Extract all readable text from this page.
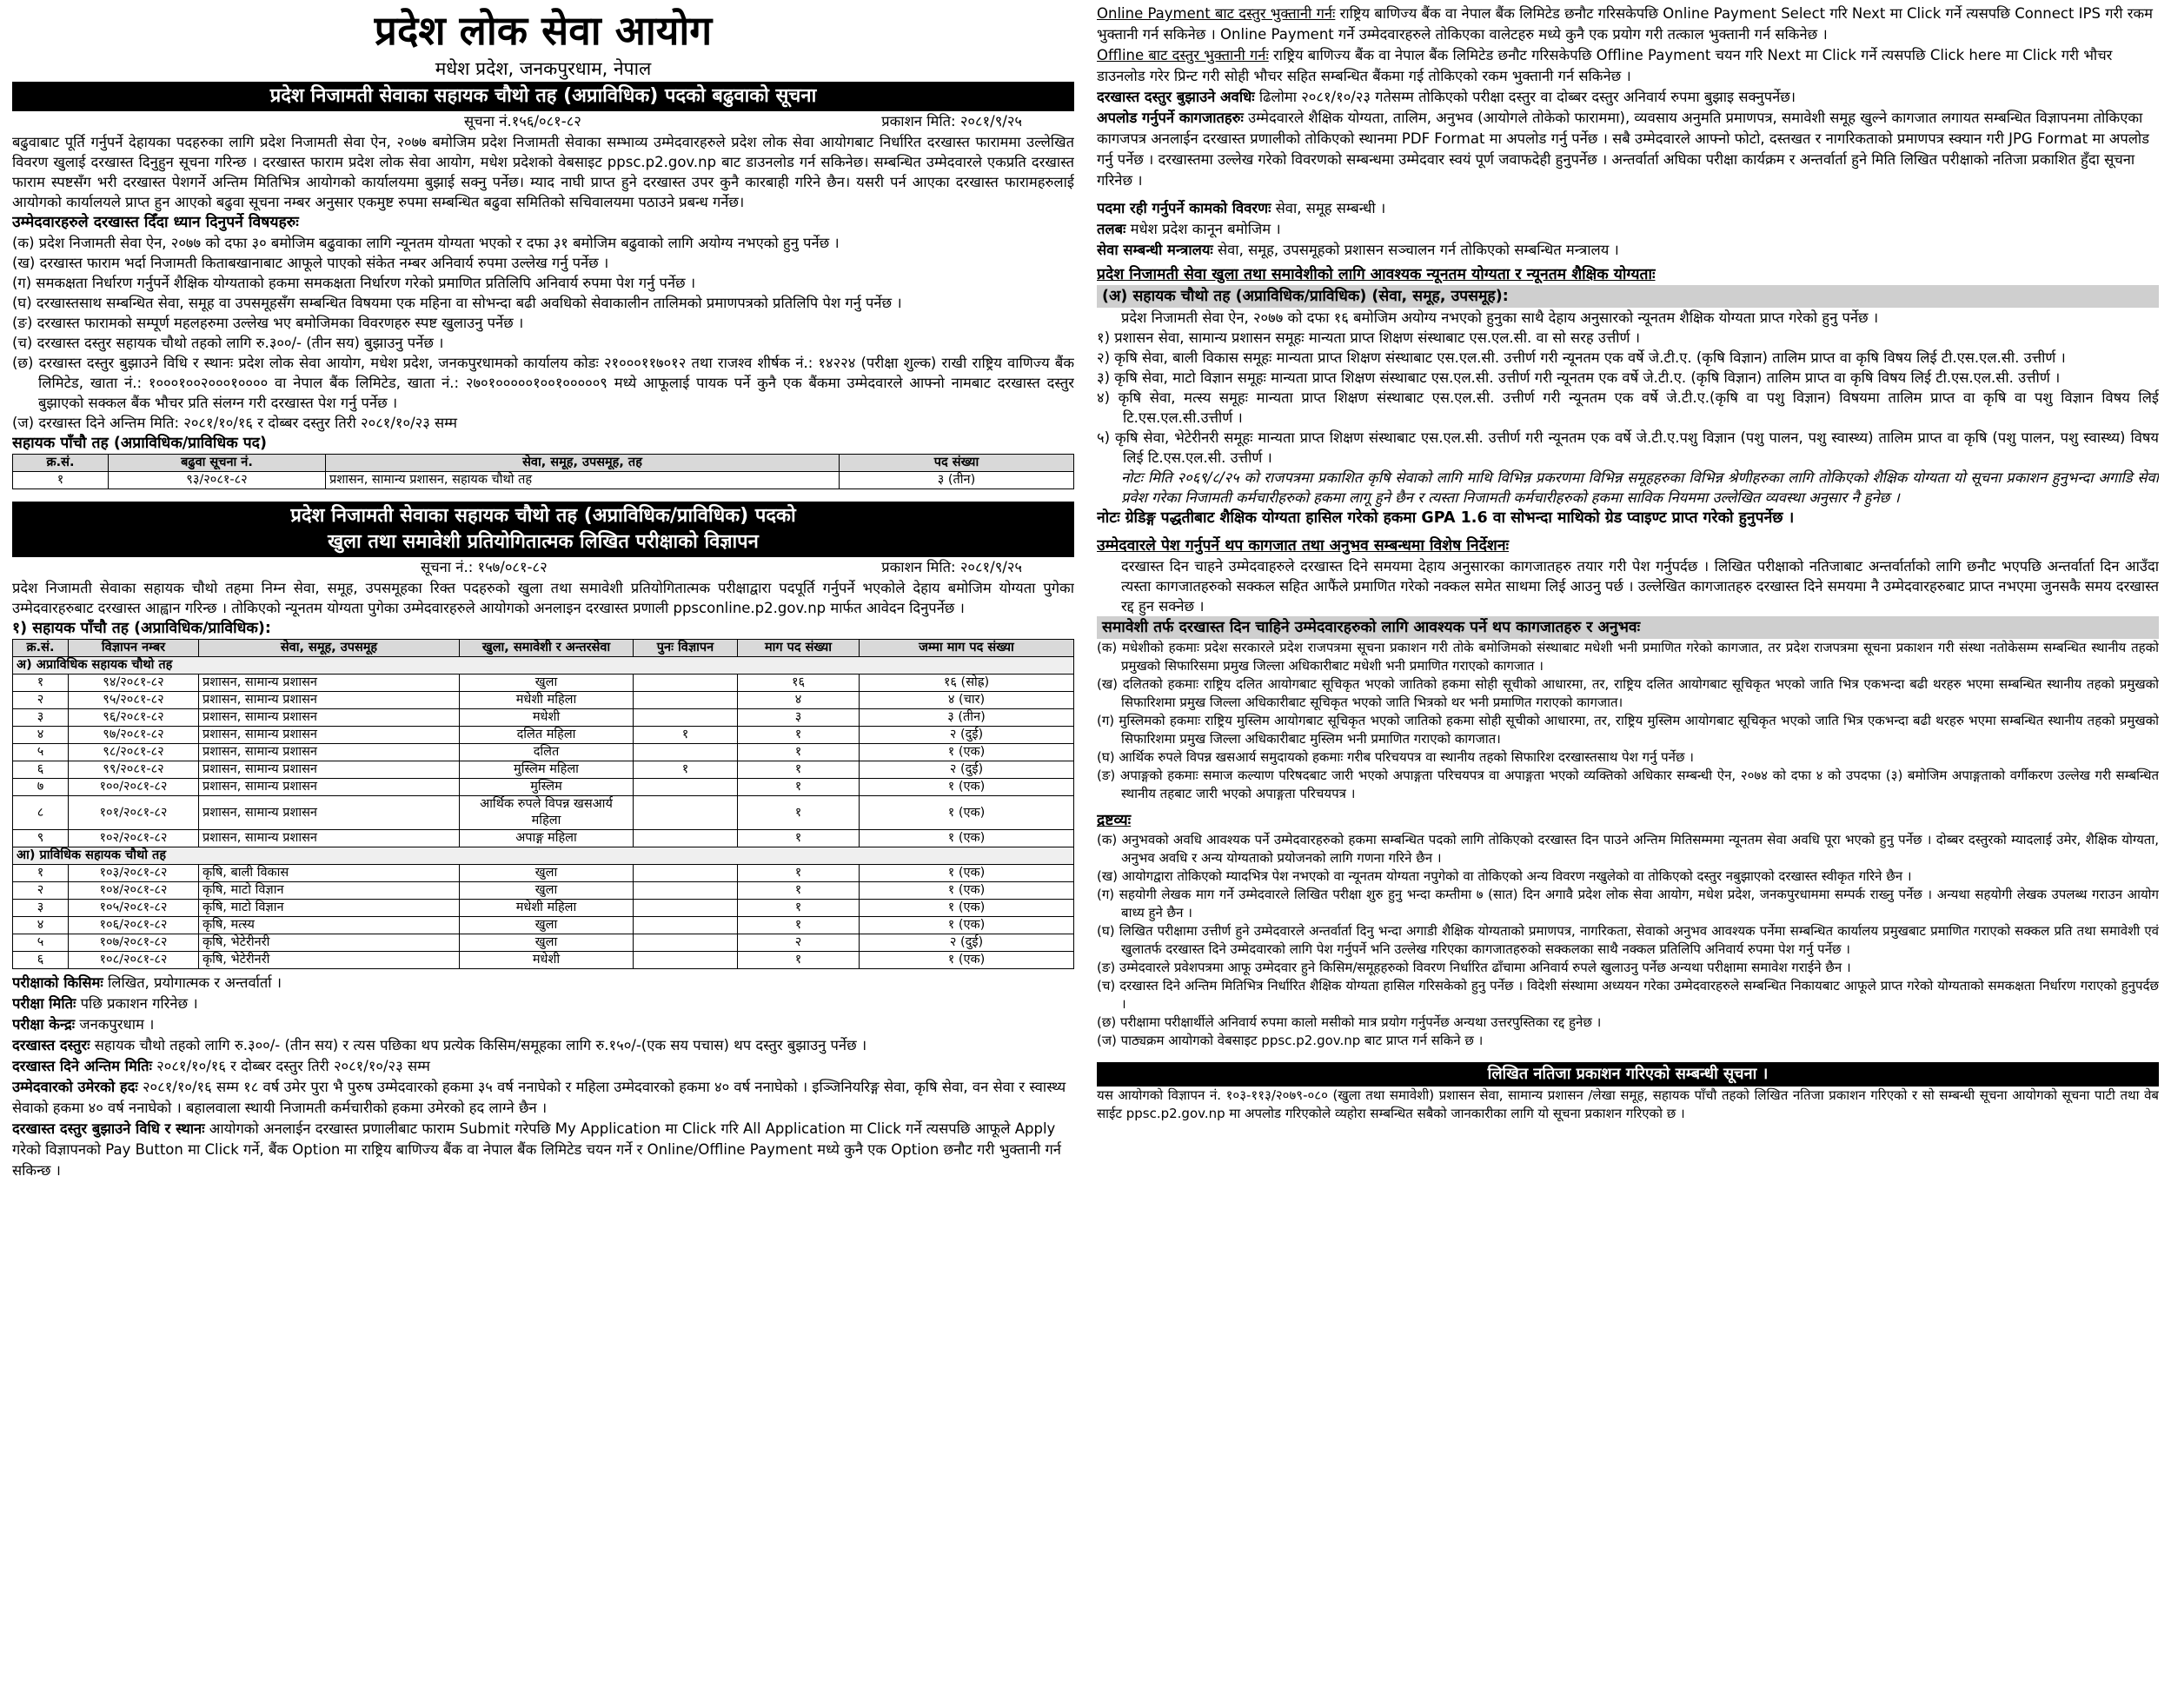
प्रदेश लोक सेवा आयोग
मधेश प्रदेश, जनकपुरधाम, नेपाल
प्रदेश निजामती सेवाका सहायक चौथो तह (अप्राविधिक) पदको बढुवाको सूचना
सूचना नं.१५६/०८१-८२	प्रकाशन मिति: २०८१/९/२५

बढुवाबाट पूर्ति गर्नुपर्ने देहायका पदहरुका लागि प्रदेश निजामती सेवा ऐन, २०७७ बमोजिम प्रदेश निजामती सेवाका सम्भाव्य उम्मेदवारहरुले प्रदेश लोक सेवा आयोगबाट निर्धारित दरखास्त फाराममा उल्लेखित विवरण खुलाई दरखास्त दिनुहुन सूचना गरिन्छ । दरखास्त फाराम प्रदेश लोक सेवा आयोग, मधेश प्रदेशको वेबसाइट ppsc.p2.gov.np बाट डाउनलोड गर्न सकिनेछ। सम्बन्धित उम्मेदवारले एकप्रति दरखास्त फाराम स्पष्टसँग भरी दरखास्त पेशगर्ने अन्तिम मितिभित्र आयोगको कार्यालयमा बुझाई सक्नु पर्नेछ। म्याद नाघी प्राप्त हुने दरखास्त उपर कुनै कारबाही गरिने छैन। यसरी पर्न आएका दरखास्त फारामहरुलाई आयोगको कार्यालयले प्राप्त हुन आएको बढुवा सूचना नम्बर अनुसार एकमुष्ट रुपमा सम्बन्धित बढुवा समितिको सचिवालयमा पठाउने प्रबन्ध गर्नेछ।

उम्मेदवारहरुले दरखास्त दिँदा ध्यान दिनुपर्ने विषयहरुः
(क) प्रदेश निजामती सेवा ऐन, २०७७ को दफा ३० बमोजिम बढुवाका लागि न्यूनतम योग्यता भएको र दफा ३१ बमोजिम बढुवाको लागि अयोग्य नभएको हुनु पर्नेछ ।
(ख) दरखास्त फाराम भर्दा निजामती किताबखानाबाट आफूले पाएको संकेत नम्बर अनिवार्य रुपमा उल्लेख गर्नु पर्नेछ ।
(ग) समकक्षता निर्धारण गर्नुपर्ने शैक्षिक योग्यताको हकमा समकक्षता निर्धारण गरेको प्रमाणित प्रतिलिपि अनिवार्य रुपमा पेश गर्नु पर्नेछ ।
(घ) दरखास्तसाथ सम्बन्धित सेवा, समूह वा उपसमूहसँग सम्बन्धित विषयमा एक महिना वा सोभन्दा बढी अवधिको सेवाकालीन तालिमको प्रमाणपत्रको प्रतिलिपि पेश गर्नु पर्नेछ ।
(ङ) दरखास्त फारामको सम्पूर्ण महलहरुमा उल्लेख भए बमोजिमका विवरणहरु स्पष्ट खुलाउनु पर्नेछ ।
(च) दरखास्त दस्तुर सहायक चौथो तहको लागि रु.३००/- (तीन सय) बुझाउनु पर्नेछ ।
(छ) दरखास्त दस्तुर बुझाउने विधि र स्थानः प्रदेश लोक सेवा आयोग, मधेश प्रदेश, जनकपुरधामको कार्यालय कोडः २१०००११७०१२ तथा राजश्व शीर्षक नं.: १४२२४ (परीक्षा शुल्क) राखी राष्ट्रिय वाणिज्य बैंक लिमिटेड, खाता नं.: १०००१००२०००१०००० वा नेपाल बैंक लिमिटेड, खाता नं.: २७०१०००००१००१०००००९ मध्ये आफूलाई पायक पर्ने कुनै एक बैंकमा उम्मेदवारले आफ्नो नामबाट दरखास्त दस्तुर बुझाएको सक्कल बैंक भौचर प्रति संलग्न गरी दरखास्त पेश गर्नु पर्नेछ ।
(ज) दरखास्त दिने अन्तिम मिति: २०८१/१०/१६ र दोब्बर दस्तुर तिरी २०८१/१०/२३ सम्म
सहायक पाँचौ तह (अप्राविधिक/प्राविधिक पद)
क्र.सं.	बढुवा सूचना नं.	सेवा, समूह, उपसमूह, तह	पद संख्या
१	९३/२०८१-८२	प्रशासन, सामान्य प्रशासन, सहायक चौथो तह	३ (तीन)
प्रदेश निजामती सेवाका सहायक चौथो तह (अप्राविधिक/प्राविधिक) पदको
खुला तथा समावेशी प्रतियोगितात्मक लिखित परीक्षाको विज्ञापन
सूचना नं.: १५७/०८१-८२	प्रकाशन मिति: २०८१/९/२५

प्रदेश निजामती सेवाका सहायक चौथो तहमा निम्न सेवा, समूह, उपसमूहका रिक्त पदहरुको खुला तथा समावेशी प्रतियोगितात्मक परीक्षाद्वारा पदपूर्ति गर्नुपर्ने भएकोले देहाय बमोजिम योग्यता पुगेका उम्मेदवारहरुबाट दरखास्त आह्वान गरिन्छ । तोकिएको न्यूनतम योग्यता पुगेका उम्मेदवारहरुले आयोगको अनलाइन दरखास्त प्रणाली ppsconline.p2.gov.np मार्फत आवेदन दिनुपर्नेछ ।

१) सहायक पाँचौ तह (अप्राविधिक/प्राविधिक):
क्र.सं.	विज्ञापन नम्बर	सेवा, समूह, उपसमूह	खुला, समावेशी र अन्तरसेवा	पुनः विज्ञापन	माग पद संख्या	जम्मा माग पद संख्या
अ) अप्राविधिक सहायक चौथो तह						
१	९४/२०८१-८२	प्रशासन, सामान्य प्रशासन	खुला		१६	१६ (सोह्र)
२	९५/२०८१-८२	प्रशासन, सामान्य प्रशासन	मधेशी महिला		४	४ (चार)
३	९६/२०८१-८२	प्रशासन, सामान्य प्रशासन	मधेशी		३	३ (तीन)
४	९७/२०८१-८२	प्रशासन, सामान्य प्रशासन	दलित महिला	१	१	२ (दुई)
५	९८/२०८१-८२	प्रशासन, सामान्य प्रशासन	दलित		१	१ (एक)
६	९९/२०८१-८२	प्रशासन, सामान्य प्रशासन	मुस्लिम महिला	१	१	२ (दुई)
७	१००/२०८१-८२	प्रशासन, सामान्य प्रशासन	मुस्लिम		१	१ (एक)
८	१०१/२०८१-८२	प्रशासन, सामान्य प्रशासन	आर्थिक रुपले विपन्न खसआर्य महिला		१	१ (एक)
९	१०२/२०८१-८२	प्रशासन, सामान्य प्रशासन	अपाङ्ग महिला		१	१ (एक)
आ) प्राविधिक सहायक चौथो तह						
१	१०३/२०८१-८२	कृषि, बाली विकास	खुला		१	१ (एक)
२	१०४/२०८१-८२	कृषि, माटो विज्ञान	खुला		१	१ (एक)
३	१०५/२०८१-८२	कृषि, माटो विज्ञान	मधेशी महिला		१	१ (एक)
४	१०६/२०८१-८२	कृषि, मत्स्य	खुला		१	१ (एक)
५	१०७/२०८१-८२	कृषि, भेटेरीनरी	खुला		२	२ (दुई)
६	१०८/२०८१-८२	कृषि, भेटेरीनरी	मधेशी		१	१ (एक)
परीक्षाको किसिमः लिखित, प्रयोगात्मक र अन्तर्वार्ता ।
परीक्षा मितिः पछि प्रकाशन गरिनेछ ।
परीक्षा केन्द्रः जनकपुरधाम ।
दरखास्त दस्तुरः सहायक चौथो तहको लागि रु.३००/- (तीन सय) र त्यस पछिका थप प्रत्येक किसिम/समूहका लागि रु.१५०/-(एक सय पचास) थप दस्तुर बुझाउनु पर्नेछ ।
दरखास्त दिने अन्तिम मितिः २०८१/१०/१६ र दोब्बर दस्तुर तिरी २०८१/१०/२३ सम्म
उम्मेदवारको उमेरको हदः २०८१/१०/१६ सम्म १८ वर्ष उमेर पुरा भै पुरुष उम्मेदवारको हकमा ३५ वर्ष ननाघेको र महिला उम्मेदवारको हकमा ४० वर्ष ननाघेको । इञ्जिनियरिङ्ग सेवा, कृषि सेवा, वन सेवा र स्वास्थ्य सेवाको हकमा ४० वर्ष ननाघेको । बहालवाला स्थायी निजामती कर्मचारीको हकमा उमेरको हद लाग्ने छैन ।
दरखास्त दस्तुर बुझाउने विधि र स्थानः आयोगको अनलाईन दरखास्त प्रणालीबाट फाराम Submit गरेपछि My Application मा Click गरि All Application मा Click गर्ने त्यसपछि आफूले Apply गरेको विज्ञापनको Pay Button मा Click गर्ने, बैंक Option मा राष्ट्रिय बाणिज्य बैंक वा नेपाल बैंक लिमिटेड चयन गर्ने र Online/Offline Payment मध्ये कुनै एक Option छनौट गरी भुक्तानी गर्न सकिन्छ ।
Online Payment बाट दस्तुर भुक्तानी गर्नः राष्ट्रिय बाणिज्य बैंक वा नेपाल बैंक लिमिटेड छनौट गरिसकेपछि Online Payment Select गरि Next मा Click गर्ने त्यसपछि Connect IPS गरी रकम भुक्तानी गर्न सकिनेछ । Online Payment गर्ने उम्मेदवारहरुले तोकिएका वालेटहरु मध्ये कुनै एक प्रयोग गरी तत्काल भुक्तानी गर्न सकिनेछ ।
Offline बाट दस्तुर भुक्तानी गर्नः राष्ट्रिय बाणिज्य बैंक वा नेपाल बैंक लिमिटेड छनौट गरिसकेपछि Offline Payment चयन गरि Next मा Click गर्ने त्यसपछि Click here मा Click गरी भौचर डाउनलोड गरेर प्रिन्ट गरी सोही भौचर सहित सम्बन्धित बैंकमा गई तोकिएको रकम भुक्तानी गर्न सकिनेछ ।
दरखास्त दस्तुर बुझाउने अवधिः ढिलोमा २०८१/१०/२३ गतेसम्म तोकिएको परीक्षा दस्तुर वा दोब्बर दस्तुर अनिवार्य रुपमा बुझाइ सक्नुपर्नेछ।
अपलोड गर्नुपर्ने कागजातहरुः उम्मेदवारले शैक्षिक योग्यता, तालिम, अनुभव (आयोगले तोकेको फाराममा), व्यवसाय अनुमति प्रमाणपत्र, समावेशी समूह खुल्ने कागजात लगायत सम्बन्धित विज्ञापनमा तोकिएका कागजपत्र अनलाईन दरखास्त प्रणालीको तोकिएको स्थानमा PDF Format मा अपलोड गर्नु पर्नेछ । सबै उम्मेदवारले आफ्नो फोटो, दस्तखत र नागरिकताको प्रमाणपत्र स्क्यान गरी JPG Format मा अपलोड गर्नु पर्नेछ । दरखास्तमा उल्लेख गरेको विवरणको सम्बन्धमा उम्मेदवार स्वयं पूर्ण जवाफदेही हुनुपर्नेछ । अन्तर्वार्ता अघिका परीक्षा कार्यक्रम र अन्तर्वार्ता हुने मिति लिखित परीक्षाको नतिजा प्रकाशित हुँदा सूचना गरिनेछ ।
पदमा रही गर्नुपर्ने कामको विवरणः सेवा, समूह सम्बन्धी ।
तलबः मधेश प्रदेश कानून बमोजिम ।
सेवा सम्बन्धी मन्त्रालयः सेवा, समूह, उपसमूहको प्रशासन सञ्चालन गर्न तोकिएको सम्बन्धित मन्त्रालय ।
प्रदेश निजामती सेवा खुला तथा समावेशीको लागि आवश्यक न्यूनतम योग्यता र न्यूनतम शैक्षिक योग्यताः
(अ) सहायक चौथो तह (अप्राविधिक/प्राविधिक) (सेवा, समूह, उपसमूह):

प्रदेश निजामती सेवा ऐन, २०७७ को दफा १६ बमोजिम अयोग्य नभएको हुनुका साथै देहाय अनुसारको न्यूनतम शैक्षिक योग्यता प्राप्त गरेको हुनु पर्नेछ ।

१) प्रशासन सेवा, सामान्य प्रशासन समूहः मान्यता प्राप्त शिक्षण संस्थाबाट एस.एल.सी. वा सो सरह उत्तीर्ण ।
२) कृषि सेवा, बाली विकास समूहः मान्यता प्राप्त शिक्षण संस्थाबाट एस.एल.सी. उत्तीर्ण गरी न्यूनतम एक वर्षे जे.टी.ए. (कृषि विज्ञान) तालिम प्राप्त वा कृषि विषय लिई टी.एस.एल.सी. उत्तीर्ण ।
३) कृषि सेवा, माटो विज्ञान समूहः मान्यता प्राप्त शिक्षण संस्थाबाट एस.एल.सी. उत्तीर्ण गरी न्यूनतम एक वर्षे जे.टी.ए. (कृषि विज्ञान) तालिम प्राप्त वा कृषि विषय लिई टी.एस.एल.सी. उत्तीर्ण ।
४) कृषि सेवा, मत्स्य समूहः मान्यता प्राप्त शिक्षण संस्थाबाट एस.एल.सी. उत्तीर्ण गरी न्यूनतम एक वर्षे जे.टी.ए.(कृषि वा पशु विज्ञान) विषयमा तालिम प्राप्त वा कृषि वा पशु विज्ञान विषय लिई टि.एस.एल.सी.उत्तीर्ण ।
५) कृषि सेवा, भेटेरीनरी समूहः मान्यता प्राप्त शिक्षण संस्थाबाट एस.एल.सी. उत्तीर्ण गरी न्यूनतम एक वर्षे जे.टी.ए.पशु विज्ञान (पशु पालन, पशु स्वास्थ्य) तालिम प्राप्त वा कृषि (पशु पालन, पशु स्वास्थ्य) विषय लिई टि.एस.एल.सी. उत्तीर्ण ।

नोटः मिति २०६९/८/२५ को राजपत्रमा प्रकाशित कृषि सेवाको लागि माथि विभिन्न प्रकरणमा विभिन्न समूहहरुका विभिन्न श्रेणीहरुका लागि तोकिएको शैक्षिक योग्यता यो सूचना प्रकाशन हुनुभन्दा अगाडि सेवा प्रवेश गरेका निजामती कर्मचारीहरुको हकमा लागू हुने छैन र त्यस्ता निजामती कर्मचारीहरुको हकमा साविक नियममा उल्लेखित व्यवस्था अनुसार नै हुनेछ ।

नोटः ग्रेडिङ्ग पद्धतीबाट शैक्षिक योग्यता हासिल गरेको हकमा GPA 1.6 वा सोभन्दा माथिको ग्रेड प्वाइण्ट प्राप्त गरेको हुनुपर्नेछ ।
उम्मेदवारले पेश गर्नुपर्ने थप कागजात तथा अनुभव सम्बन्धमा विशेष निर्देशनः

दरखास्त दिन चाहने उम्मेदवाहरुले दरखास्त दिने समयमा देहाय अनुसारका कागजातहरु तयार गरी पेश गर्नुपर्दछ । लिखित परीक्षाको नतिजाबाट अन्तर्वार्ताको लागि छनौट भएपछि अन्तर्वार्ता दिन आउँदा त्यस्ता कागजातहरुको सक्कल सहित आफैंले प्रमाणित गरेको नक्कल समेत साथमा लिई आउनु पर्छ । उल्लेखित कागजातहरु दरखास्त दिने समयमा नै उम्मेदवारहरुबाट प्राप्त नभएमा जुनसकै समय दरखास्त रद्द हुन सक्नेछ ।

समावेशी तर्फ दरखास्त दिन चाहिने उम्मेदवारहरुको लागि आवश्यक पर्ने थप कागजातहरु र अनुभवः
(क) मधेशीको हकमाः प्रदेश सरकारले प्रदेश राजपत्रमा सूचना प्रकाशन गरी तोके बमोजिमको संस्थाबाट मधेशी भनी प्रमाणित गरेको कागजात, तर प्रदेश राजपत्रमा सूचना प्रकाशन गरी संस्था नतोकेसम्म सम्बन्धित स्थानीय तहको प्रमुखको सिफारिसमा प्रमुख जिल्ला अधिकारीबाट मधेशी भनी प्रमाणित गराएको कागजात ।
(ख) दलितको हकमाः राष्ट्रिय दलित आयोगबाट सूचिकृत भएको जातिको हकमा सोही सूचीको आधारमा, तर, राष्ट्रिय दलित आयोगबाट सूचिकृत भएको जाति भित्र एकभन्दा बढी थरहरु भएमा सम्बन्धित स्थानीय तहको प्रमुखको सिफारिशमा प्रमुख जिल्ला अधिकारीबाट सूचिकृत भएको जाति भित्रको थर भनी प्रमाणित गराएको कागजात।
(ग) मुस्लिमको हकमाः राष्ट्रिय मुस्लिम आयोगबाट सूचिकृत भएको जातिको हकमा सोही सूचीको आधारमा, तर, राष्ट्रिय मुस्लिम आयोगबाट सूचिकृत भएको जाति भित्र एकभन्दा बढी थरहरु भएमा सम्बन्धित स्थानीय तहको प्रमुखको सिफारिशमा प्रमुख जिल्ला अधिकारीबाट मुस्लिम भनी प्रमाणित गराएको कागजात।
(घ) आर्थिक रुपले विपन्न खसआर्य समुदायको हकमाः गरीब परिचयपत्र वा स्थानीय तहको सिफारिश दरखास्तसाथ पेश गर्नु पर्नेछ ।
(ङ) अपाङ्गको हकमाः समाज कल्याण परिषदबाट जारी भएको अपाङ्गता परिचयपत्र वा अपाङ्गता भएको व्यक्तिको अधिकार सम्बन्धी ऐन, २०७४ को दफा ४ को उपदफा (३) बमोजिम अपाङ्गताको वर्गीकरण उल्लेख गरी सम्बन्धित स्थानीय तहबाट जारी भएको अपाङ्गता परिचयपत्र ।
द्रष्टव्यः
(क) अनुभवको अवधि आवश्यक पर्ने उम्मेदवारहरुको हकमा सम्बन्धित पदको लागि तोकिएको दरखास्त दिन पाउने अन्तिम मितिसम्ममा न्यूनतम सेवा अवधि पूरा भएको हुनु पर्नेछ । दोब्बर दस्तुरको म्यादलाई उमेर, शैक्षिक योग्यता, अनुभव अवधि र अन्य योग्यताको प्रयोजनको लागि गणना गरिने छैन ।
(ख) आयोगद्वारा तोकिएको म्यादभित्र पेश नभएको वा न्यूनतम योग्यता नपुगेको वा तोकिएको अन्य विवरण नखुलेको वा तोकिएको दस्तुर नबुझाएको दरखास्त स्वीकृत गरिने छैन ।
(ग) सहयोगी लेखक माग गर्ने उम्मेदवारले लिखित परीक्षा शुरु हुनु भन्दा कम्तीमा ७ (सात) दिन अगावै प्रदेश लोक सेवा आयोग, मधेश प्रदेश, जनकपुरधाममा सम्पर्क राख्नु पर्नेछ । अन्यथा सहयोगी लेखक उपलब्ध गराउन आयोग बाध्य हुने छैन ।
(घ) लिखित परीक्षामा उत्तीर्ण हुने उम्मेदवारले अन्तर्वार्ता दिनु भन्दा अगाडी शैक्षिक योग्यताको प्रमाणपत्र, नागरिकता, सेवाको अनुभव आवश्यक पर्नेमा सम्बन्धित कार्यालय प्रमुखबाट प्रमाणित गराएको सक्कल प्रति तथा समावेशी एवं खुलातर्फ दरखास्त दिने उम्मेदवारको लागि पेश गर्नुपर्ने भनि उल्लेख गरिएका कागजातहरुको सक्कलका साथै नक्कल प्रतिलिपि अनिवार्य रुपमा पेश गर्नु पर्नेछ ।
(ङ) उम्मेदवारले प्रवेशपत्रमा आफू उम्मेदवार हुने किसिम/समूहहरुको विवरण निर्धारित ढाँचामा अनिवार्य रुपले खुलाउनु पर्नेछ अन्यथा परीक्षामा समावेश गराईने छैन ।
(च) दरखास्त दिने अन्तिम मितिभित्र निर्धारित शैक्षिक योग्यता हासिल गरिसकेको हुनु पर्नेछ । विदेशी संस्थामा अध्ययन गरेका उम्मेदवारहरुले सम्बन्धित निकायबाट आफूले प्राप्त गरेको योग्यताको समकक्षता निर्धारण गराएको हुनुपर्दछ ।
(छ) परीक्षामा परीक्षार्थीले अनिवार्य रुपमा कालो मसीको मात्र प्रयोग गर्नुपर्नेछ अन्यथा उत्तरपुस्तिका रद्द हुनेछ ।
(ज) पाठ्यक्रम आयोगको वेबसाइट ppsc.p2.gov.np बाट प्राप्त गर्न सकिने छ ।
लिखित नतिजा प्रकाशन गरिएको सम्बन्धी सूचना ।

यस आयोगको विज्ञापन नं. १०३-११३/२०७९-०८० (खुला तथा समावेशी) प्रशासन सेवा, सामान्य प्रशासन /लेखा समूह, सहायक पाँचौ तहको लिखित नतिजा प्रकाशन गरिएको र सो सम्बन्धी सूचना आयोगको सूचना पाटी तथा वेब साईट ppsc.p2.gov.np मा अपलोड गरिएकोले व्यहोरा सम्बन्धित सबैको जानकारीका लागि यो सूचना प्रकाशन गरिएको छ ।
